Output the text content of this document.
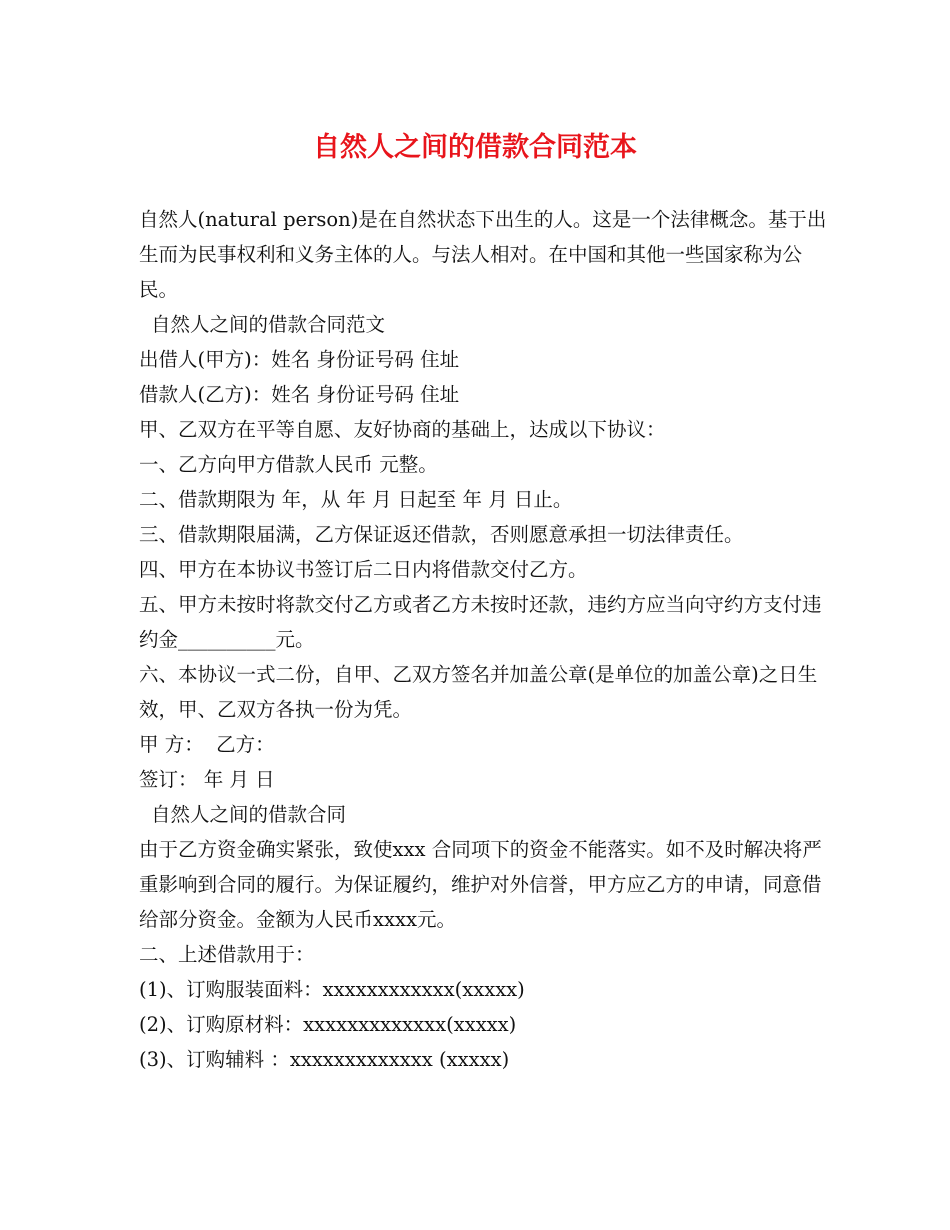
自然人之间的借款合同范本

自然人(natural person)是在自然状态下出生的人。这是一个法律概念。基于出生而为民事权利和义务主体的人。与法人相对。在中国和其他一些国家称为公民。

自然人之间的借款合同范文

出借人(甲方)：姓名 身份证号码 住址

借款人(乙方)：姓名 身份证号码 住址

甲、乙双方在平等自愿、友好协商的基础上，达成以下协议：

一、乙方向甲方借款人民币 元整。

二、借款期限为 年，从 年 月 日起至 年 月 日止。

三、借款期限届满，乙方保证返还借款，否则愿意承担一切法律责任。

四、甲方在本协议书签订后二日内将借款交付乙方。

五、甲方未按时将款交付乙方或者乙方未按时还款，违约方应当向守约方支付违约金__________元。

六、本协议一式二份，自甲、乙双方签名并加盖公章(是单位的加盖公章)之日生效，甲、乙双方各执一份为凭。

甲 方：  乙方：

签订： 年 月 日

自然人之间的借款合同

由于乙方资金确实紧张，致使xxx 合同项下的资金不能落实。如不及时解决将严重影响到合同的履行。为保证履约，维护对外信誉，甲方应乙方的申请，同意借给部分资金。金额为人民币xxxx元。

二、上述借款用于：

(1)、订购服装面料：xxxxxxxxxxxx(xxxxx)

(2)、订购原材料：xxxxxxxxxxxxx(xxxxx)

(3)、订购辅料 ：xxxxxxxxxxxxx (xxxxx)
